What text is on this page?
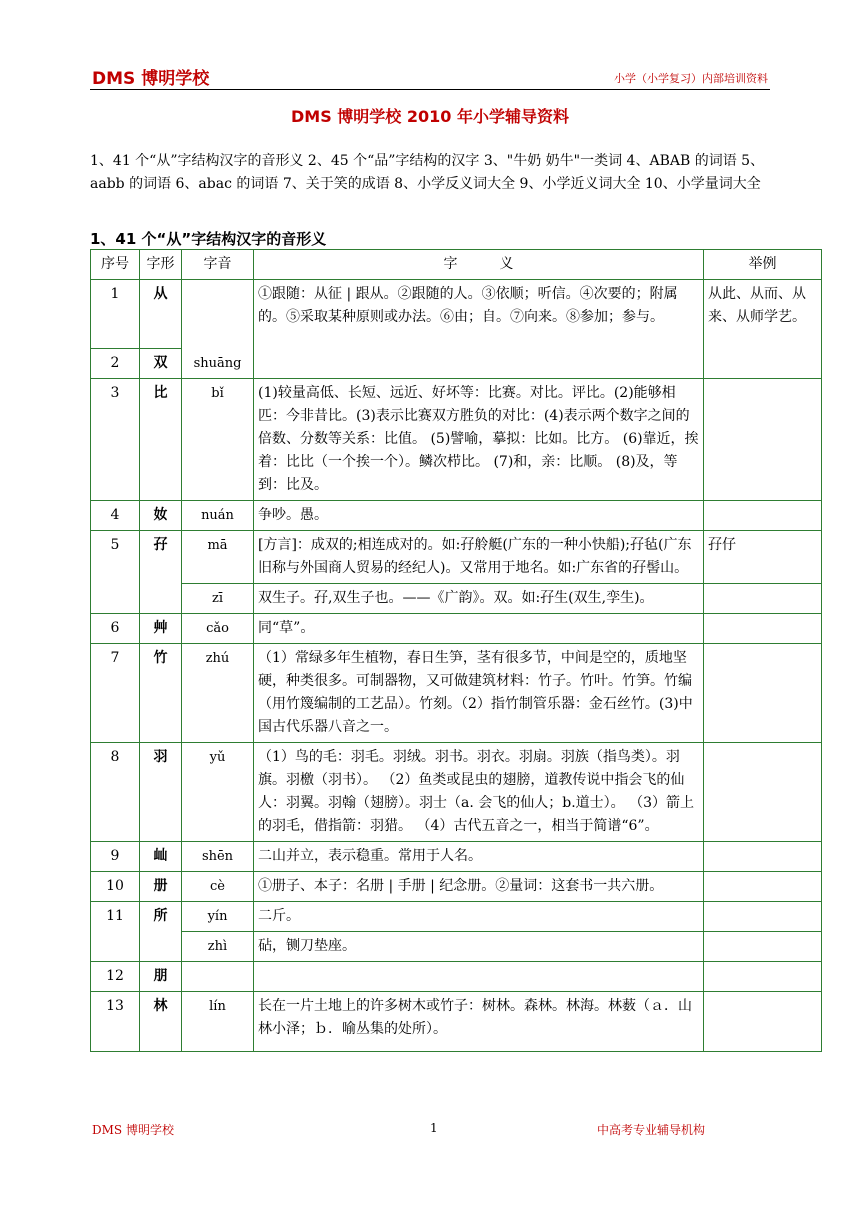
DMS 博明学校	小学（小学复习）内部培训资料
DMS 博明学校 2010 年小学辅导资料
1、41 个“从”字结构汉字的音形义 2、45 个“品”字结构的汉字 3、"牛奶 奶牛"一类词 4、ABAB 的词语 5、aabb 的词语 6、abac 的词语 7、关于笑的成语 8、小学反义词大全 9、小学近义词大全 10、小学量词大全
1、41 个“从”字结构汉字的音形义
序号	字形	字音	字　　　义	举例
1	从	shuāng	①跟随：从征 | 跟从。②跟随的人。③依顺；听信。④次要的；附属的。⑤采取某种原则或办法。⑥由；自。⑦向来。⑧参加；参与。	从此、从而、从来、从师学艺。
2	双			
3	比	bǐ	(1)较量高低、长短、远近、好坏等：比赛。对比。评比。(2)能够相匹：今非昔比。(3)表示比赛双方胜负的对比：(4)表示两个数字之间的倍数、分数等关系：比值。 (5)譬喻，摹拟：比如。比方。 (6)靠近，挨着：比比（一个挨一个）。鳞次栉比。 (7)和，亲：比顺。 (8)及，等到：比及。	
4	奻	nuán	争吵。愚。	
5	孖	mā	[方言]：成双的;相连成对的。如:孖舲艇(广东的一种小快船);孖毡(广东旧称与外国商人贸易的经纪人)。又常用于地名。如:广东省的孖髻山。	孖仔
		zī	双生子。孖,双生子也。——《广韵》。双。如:孖生(双生,孪生)。	
6	艸	cǎo	同“草”。	
7	竹	zhú	（1）常绿多年生植物，春日生笋，茎有很多节，中间是空的，质地坚硬，种类很多。可制器物，又可做建筑材料：竹子。竹叶。竹笋。竹编（用竹篾编制的工艺品）。竹刻。（2）指竹制管乐器：金石丝竹。(3)中国古代乐器八音之一。	
8	羽	yǔ	（1）鸟的毛：羽毛。羽绒。羽书。羽衣。羽扇。羽族（指鸟类）。羽旗。羽檄（羽书）。 （2）鱼类或昆虫的翅膀，道教传说中指会飞的仙人：羽翼。羽翰（翅膀）。羽士（a. 会飞的仙人；b.道士）。 （3）箭上的羽毛，借指箭：羽猎。 （4）古代五音之一，相当于简谱“6”。	
9	屾	shēn	二山并立，表示稳重。常用于人名。	
10	册	cè	①册子、本子：名册 | 手册 | 纪念册。②量词：这套书一共六册。	
11	所	yín	二斤。	
		zhì	砧，铡刀垫座。	
12	朋			
13	林	lín	长在一片土地上的许多树木或竹子：树林。森林。林海。林薮（ａ．山林小泽；ｂ．喻丛集的处所）。	
DMS 博明学校	1	中高考专业辅导机构
